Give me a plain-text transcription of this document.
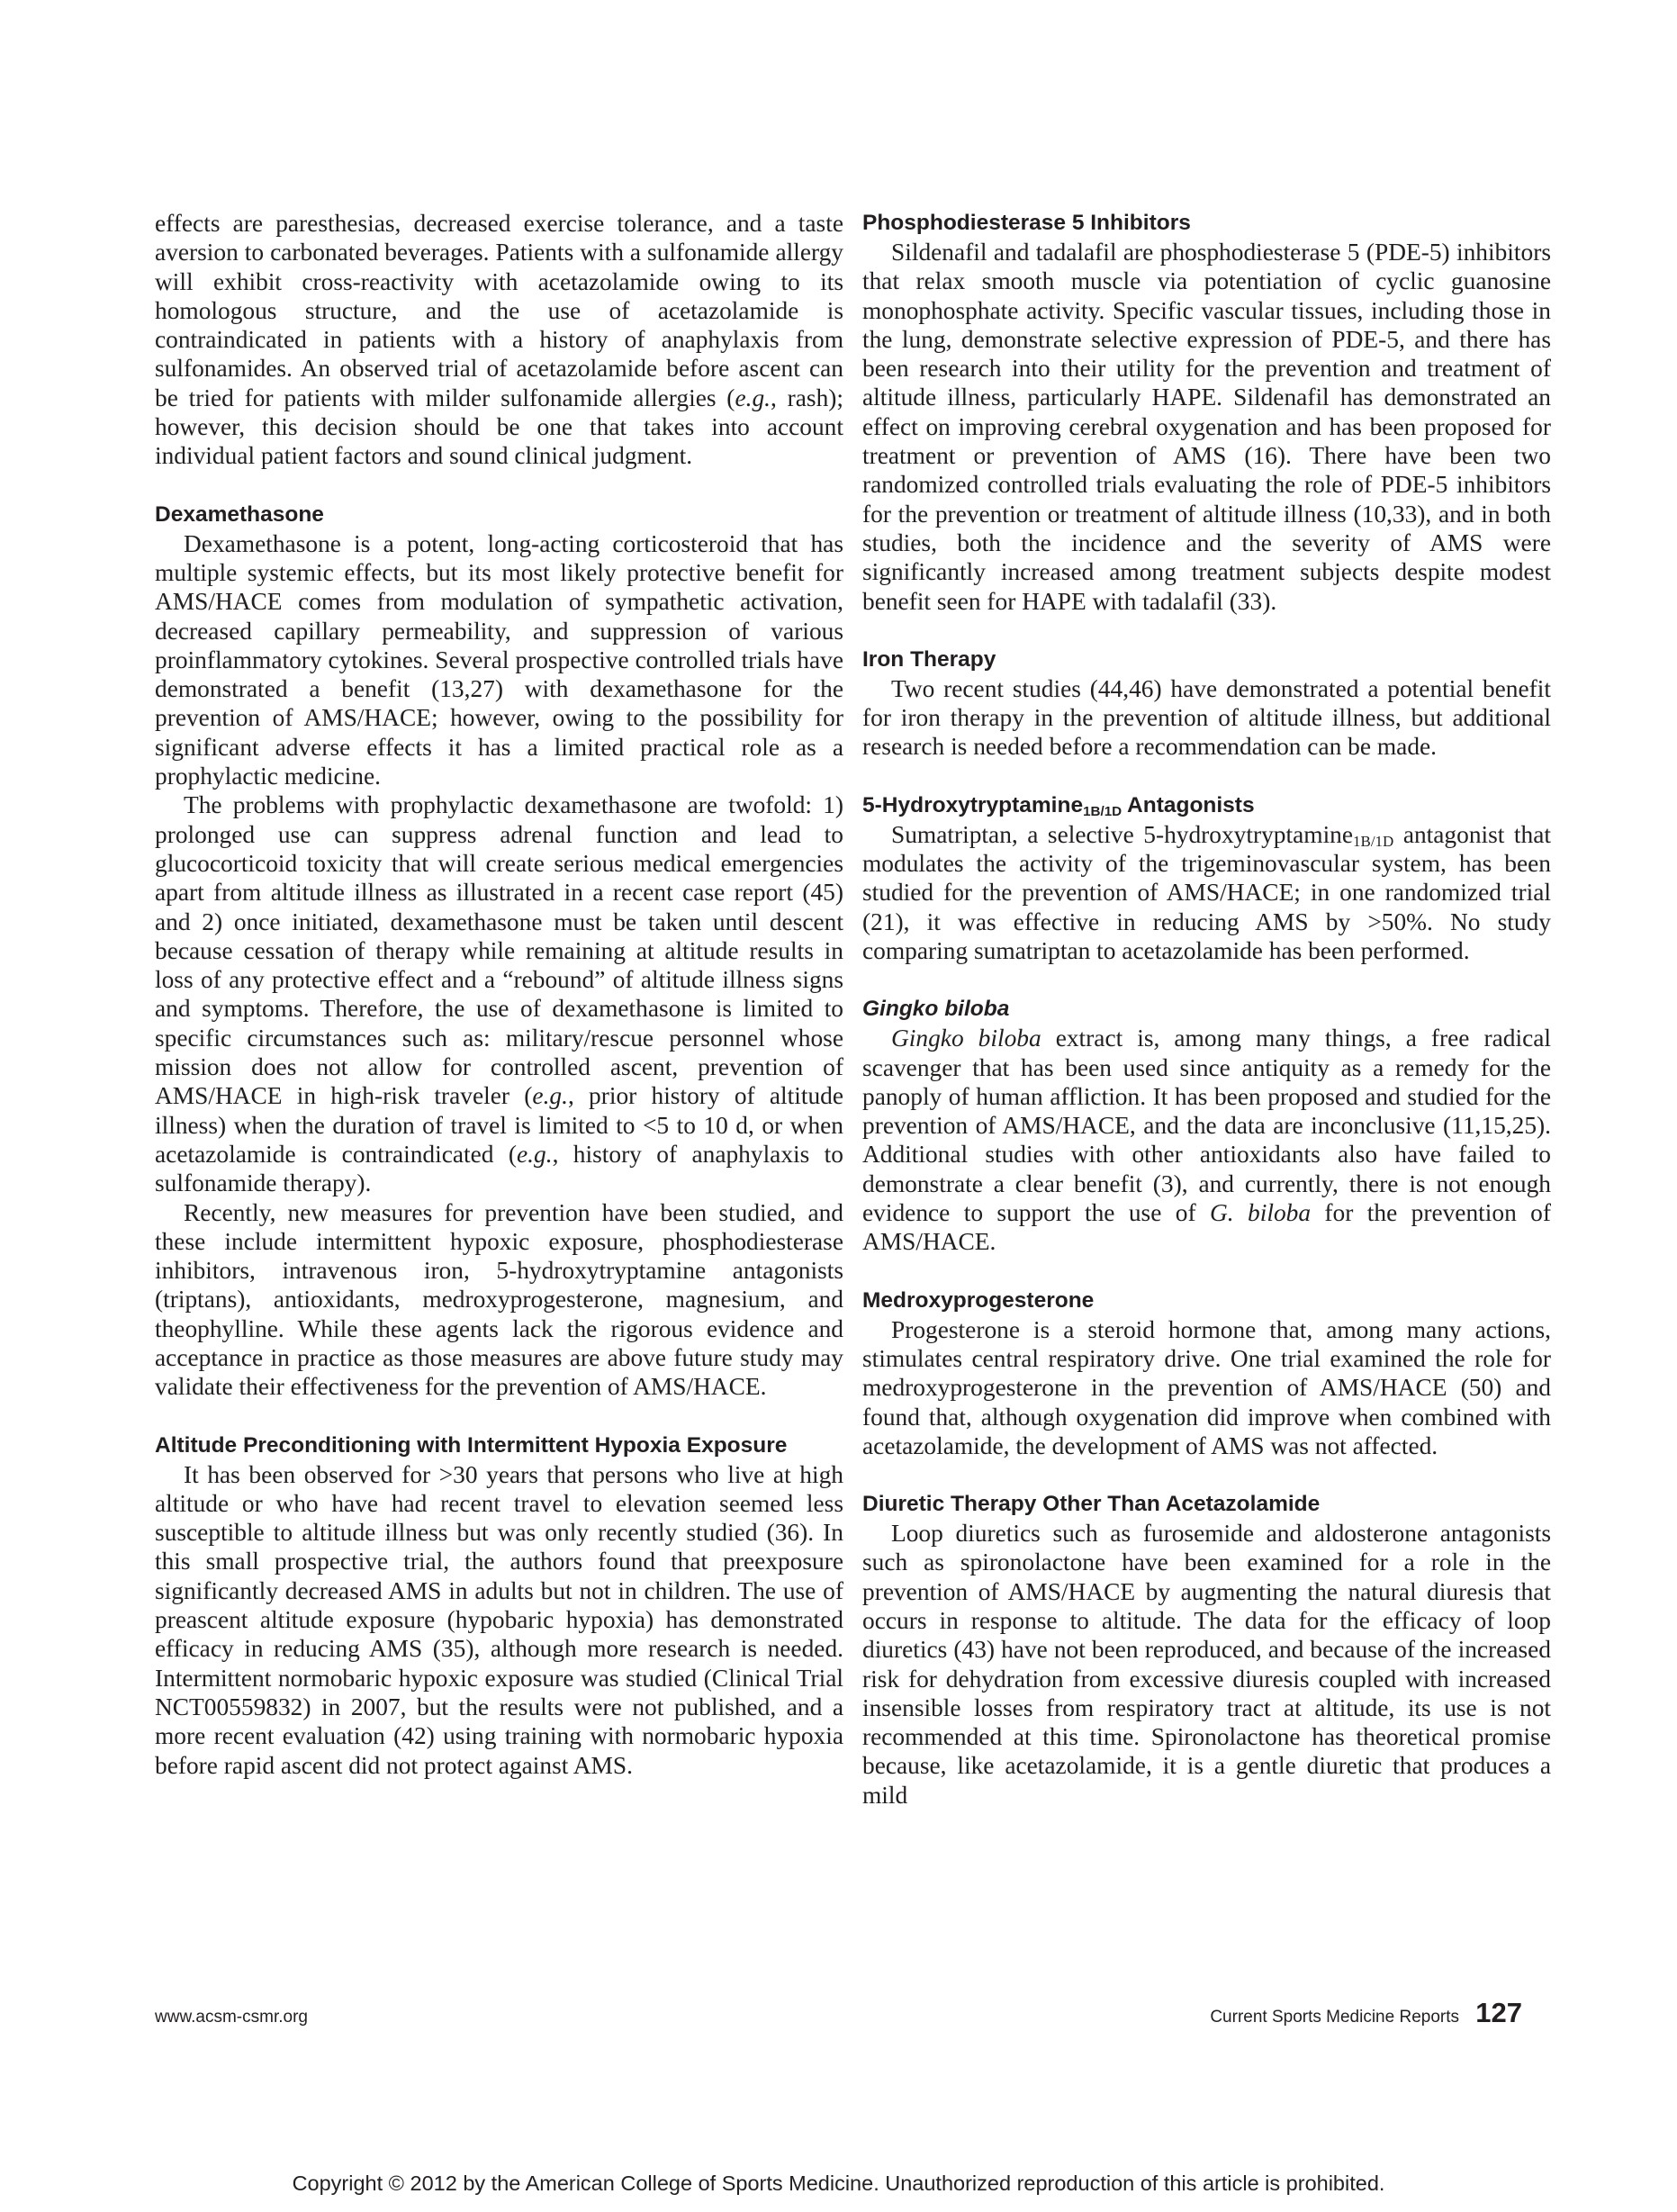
effects are paresthesias, decreased exercise tolerance, and a taste aversion to carbonated beverages. Patients with a sulfonamide allergy will exhibit cross-reactivity with acetazolamide owing to its homologous structure, and the use of acetazolamide is contraindicated in patients with a history of anaphylaxis from sulfonamides. An observed trial of acetazolamide before ascent can be tried for patients with milder sulfonamide allergies (e.g., rash); however, this decision should be one that takes into account individual patient factors and sound clinical judgment.

Dexamethasone

Dexamethasone is a potent, long-acting corticosteroid that has multiple systemic effects, but its most likely protective benefit for AMS/HACE comes from modulation of sympathetic activation, decreased capillary permeability, and suppression of various proinflammatory cytokines. Several prospective controlled trials have demonstrated a benefit (13,27) with dexamethasone for the prevention of AMS/HACE; however, owing to the possibility for significant adverse effects it has a limited practical role as a prophylactic medicine.

The problems with prophylactic dexamethasone are twofold: 1) prolonged use can suppress adrenal function and lead to glucocorticoid toxicity that will create serious medical emergencies apart from altitude illness as illustrated in a recent case report (45) and 2) once initiated, dexamethasone must be taken until descent because cessation of therapy while remaining at altitude results in loss of any protective effect and a “rebound” of altitude illness signs and symptoms. Therefore, the use of dexamethasone is limited to specific circumstances such as: military/rescue personnel whose mission does not allow for controlled ascent, prevention of AMS/HACE in high-risk traveler (e.g., prior history of altitude illness) when the duration of travel is limited to <5 to 10 d, or when acetazolamide is contraindicated (e.g., history of anaphylaxis to sulfonamide therapy).

Recently, new measures for prevention have been studied, and these include intermittent hypoxic exposure, phosphodiesterase inhibitors, intravenous iron, 5-hydroxytryptamine antagonists (triptans), antioxidants, medroxyprogesterone, magnesium, and theophylline. While these agents lack the rigorous evidence and acceptance in practice as those measures are above future study may validate their effectiveness for the prevention of AMS/HACE.

Altitude Preconditioning with Intermittent Hypoxia Exposure

It has been observed for >30 years that persons who live at high altitude or who have had recent travel to elevation seemed less susceptible to altitude illness but was only recently studied (36). In this small prospective trial, the authors found that preexposure significantly decreased AMS in adults but not in children. The use of preascent altitude exposure (hypobaric hypoxia) has demonstrated efficacy in reducing AMS (35), although more research is needed. Intermittent normobaric hypoxic exposure was studied (Clinical Trial NCT00559832) in 2007, but the results were not published, and a more recent evaluation (42) using training with normobaric hypoxia before rapid ascent did not protect against AMS.

Phosphodiesterase 5 Inhibitors

Sildenafil and tadalafil are phosphodiesterase 5 (PDE-5) inhibitors that relax smooth muscle via potentiation of cyclic guanosine monophosphate activity. Specific vascular tissues, including those in the lung, demonstrate selective expression of PDE-5, and there has been research into their utility for the prevention and treatment of altitude illness, particularly HAPE. Sildenafil has demonstrated an effect on improving cerebral oxygenation and has been proposed for treatment or prevention of AMS (16). There have been two randomized controlled trials evaluating the role of PDE-5 inhibitors for the prevention or treatment of altitude illness (10,33), and in both studies, both the incidence and the severity of AMS were significantly increased among treatment subjects despite modest benefit seen for HAPE with tadalafil (33).

Iron Therapy

Two recent studies (44,46) have demonstrated a potential benefit for iron therapy in the prevention of altitude illness, but additional research is needed before a recommendation can be made.

5-Hydroxytryptamine$_{1B/1D}$ Antagonists

Sumatriptan, a selective 5-hydroxytryptamine$_{1B/1D}$ antagonist that modulates the activity of the trigeminovascular system, has been studied for the prevention of AMS/HACE; in one randomized trial (21), it was effective in reducing AMS by >50%. No study comparing sumatriptan to acetazolamide has been performed.

Gingko biloba

Gingko biloba extract is, among many things, a free radical scavenger that has been used since antiquity as a remedy for the panoply of human affliction. It has been proposed and studied for the prevention of AMS/HACE, and the data are inconclusive (11,15,25). Additional studies with other antioxidants also have failed to demonstrate a clear benefit (3), and currently, there is not enough evidence to support the use of G. biloba for the prevention of AMS/HACE.

Medroxyprogesterone

Progesterone is a steroid hormone that, among many actions, stimulates central respiratory drive. One trial examined the role for medroxyprogesterone in the prevention of AMS/HACE (50) and found that, although oxygenation did improve when combined with acetazolamide, the development of AMS was not affected.

Diuretic Therapy Other Than Acetazolamide

Loop diuretics such as furosemide and aldosterone antagonists such as spironolactone have been examined for a role in the prevention of AMS/HACE by augmenting the natural diuresis that occurs in response to altitude. The data for the efficacy of loop diuretics (43) have not been reproduced, and because of the increased risk for dehydration from excessive diuresis coupled with increased insensible losses from respiratory tract at altitude, its use is not recommended at this time. Spironolactone has theoretical promise because, like acetazolamide, it is a gentle diuretic that produces a mild

www.acsm-csmr.org	Current Sports Medicine Reports 127
Copyright © 2012 by the American College of Sports Medicine. Unauthorized reproduction of this article is prohibited.
